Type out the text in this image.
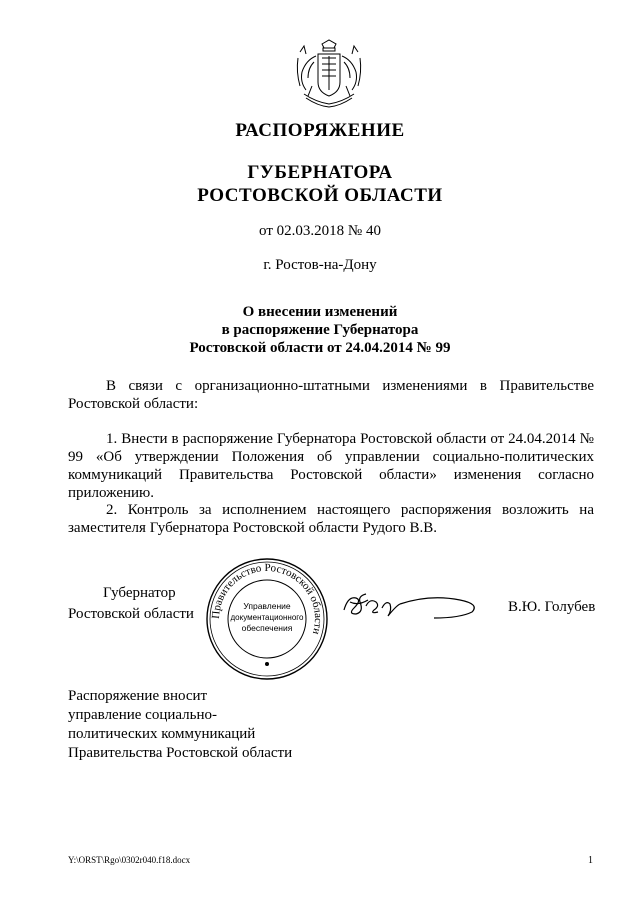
РАСПОРЯЖЕНИЕ
ГУБЕРНАТОРА
РОСТОВСКОЙ ОБЛАСТИ
от 02.03.2018 № 40
г. Ростов-на-Дону
О внесении изменений
в распоряжение Губернатора
Ростовской области от 24.04.2014 № 99
В связи с организационно-штатными изменениями в Правительстве Ростовской области:
1. Внести в распоряжение Губернатора Ростовской области от 24.04.2014 № 99 «Об утверждении Положения об управлении социально-политических коммуникаций Правительства Ростовской области» изменения согласно приложению.
2. Контроль за исполнением настоящего распоряжения возложить на заместителя Губернатора Ростовской области Рудого В.В.
Губернатор
Ростовской области Правительство Ростовской области
Управление
документационного
обеспечения
В.Ю. Голубев
Распоряжение вносит
управление социально-
политических коммуникаций
Правительства Ростовской области
Y:\ORST\Rgo\0302r040.f18.docx	1
